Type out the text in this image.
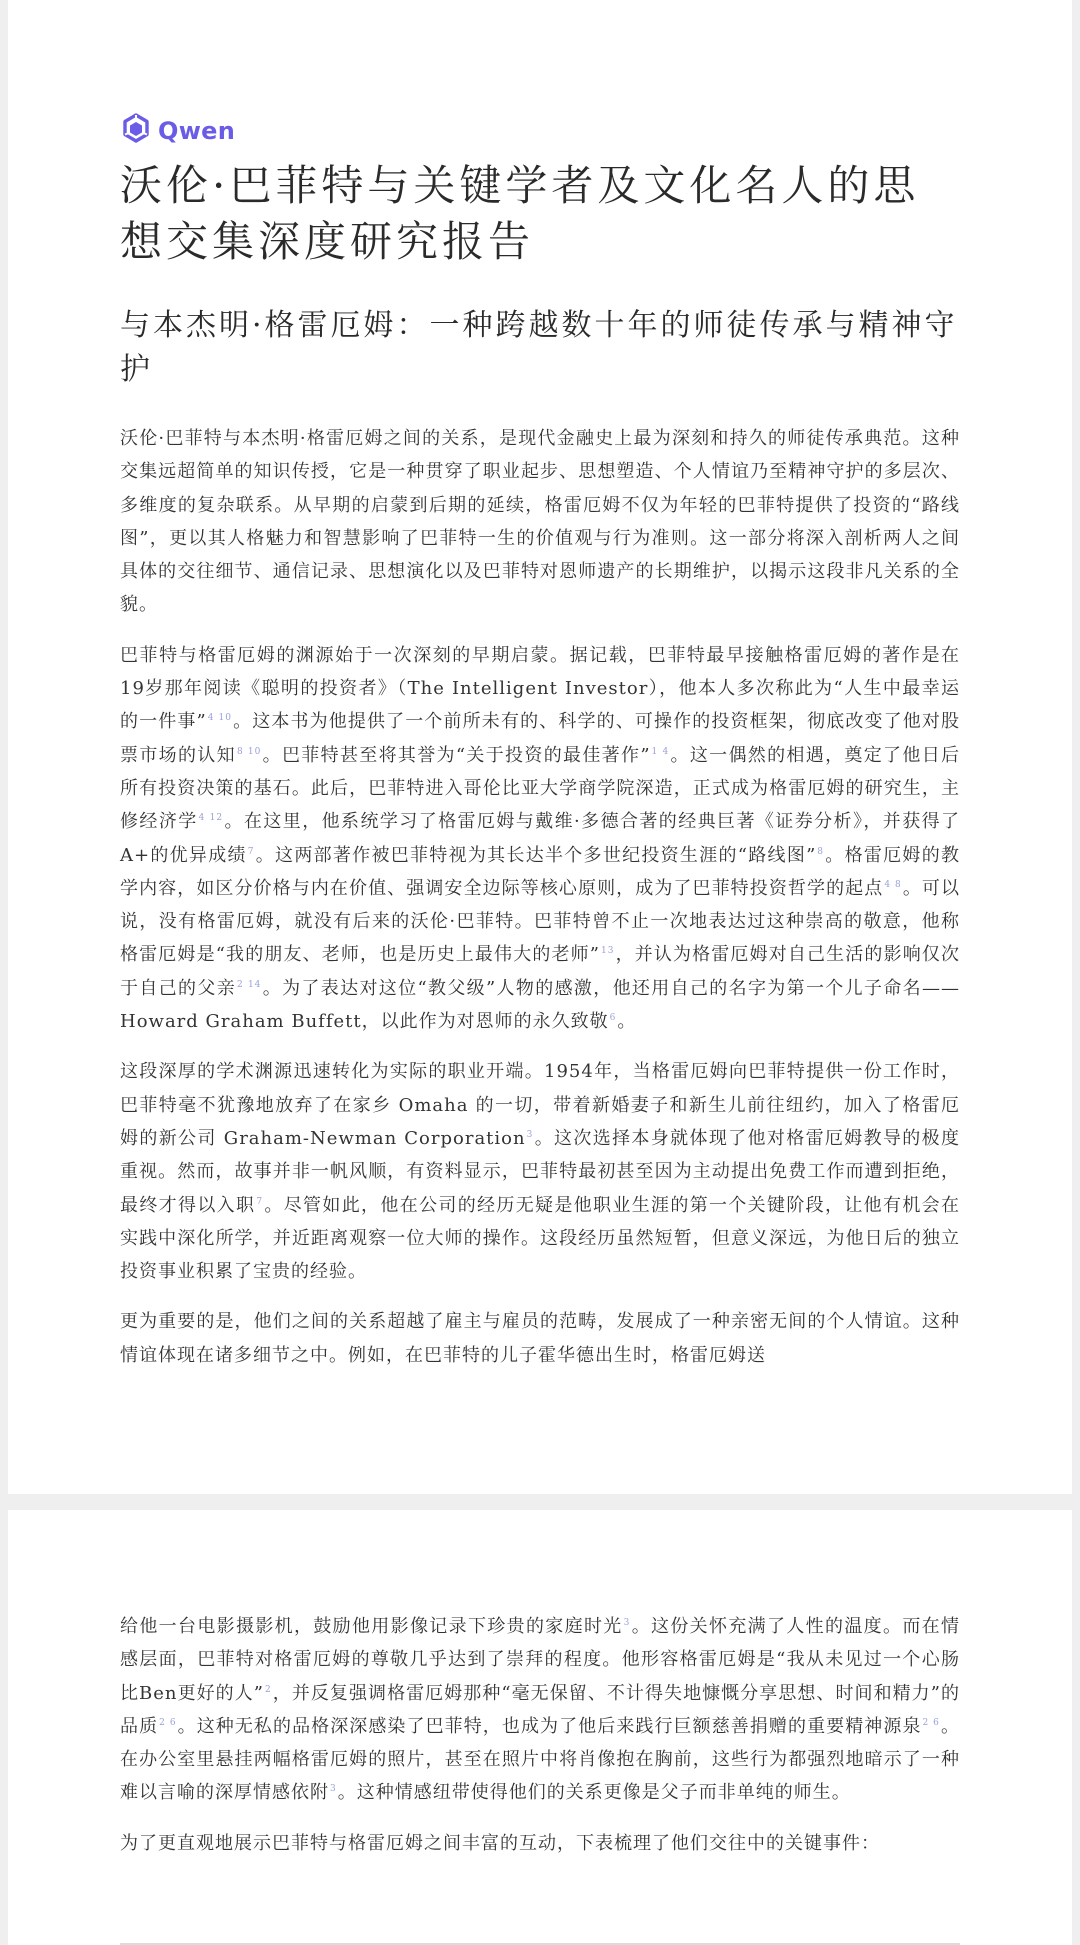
Qwen
沃伦·巴菲特与关键学者及文化名人的思想交集深度研究报告
与本杰明·格雷厄姆：一种跨越数十年的师徒传承与精神守护

沃伦·巴菲特与本杰明·格雷厄姆之间的关系，是现代金融史上最为深刻和持久的师徒传承典范。这种交集远超简单的知识传授，它是一种贯穿了职业起步、思想塑造、个人情谊乃至精神守护的多层次、多维度的复杂联系。从早期的启蒙到后期的延续，格雷厄姆不仅为年轻的巴菲特提供了投资的“路线图”，更以其人格魅力和智慧影响了巴菲特一生的价值观与行为准则。这一部分将深入剖析两人之间具体的交往细节、通信记录、思想演化以及巴菲特对恩师遗产的长期维护，以揭示这段非凡关系的全貌。

巴菲特与格雷厄姆的渊源始于一次深刻的早期启蒙。据记载，巴菲特最早接触格雷厄姆的著作是在19岁那年阅读《聪明的投资者》（The Intelligent Investor），他本人多次称此为“人生中最幸运的一件事”$^{4 10}$。这本书为他提供了一个前所未有的、科学的、可操作的投资框架，彻底改变了他对股票市场的认知$^{8 10}$。巴菲特甚至将其誉为“关于投资的最佳著作”$^{1 4}$。这一偶然的相遇，奠定了他日后所有投资决策的基石。此后，巴菲特进入哥伦比亚大学商学院深造，正式成为格雷厄姆的研究生，主修经济学$^{4 12}$。在这里，他系统学习了格雷厄姆与戴维·多德合著的经典巨著《证券分析》，并获得了A+的优异成绩$^7$。这两部著作被巴菲特视为其长达半个多世纪投资生涯的“路线图”$^8$。格雷厄姆的教学内容，如区分价格与内在价值、强调安全边际等核心原则，成为了巴菲特投资哲学的起点$^{4 8}$。可以说，没有格雷厄姆，就没有后来的沃伦·巴菲特。巴菲特曾不止一次地表达过这种崇高的敬意，他称格雷厄姆是“我的朋友、老师，也是历史上最伟大的老师”$^{13}$，并认为格雷厄姆对自己生活的影响仅次于自己的父亲$^{2 14}$。为了表达对这位“教父级”人物的感激，他还用自己的名字为第一个儿子命名——Howard Graham Buffett，以此作为对恩师的永久致敬$^6$。

这段深厚的学术渊源迅速转化为实际的职业开端。1954年，当格雷厄姆向巴菲特提供一份工作时，巴菲特毫不犹豫地放弃了在家乡 Omaha 的一切，带着新婚妻子和新生儿前往纽约，加入了格雷厄姆的新公司 Graham-Newman Corporation$^3$。这次选择本身就体现了他对格雷厄姆教导的极度重视。然而，故事并非一帆风顺，有资料显示，巴菲特最初甚至因为主动提出免费工作而遭到拒绝，最终才得以入职$^7$。尽管如此，他在公司的经历无疑是他职业生涯的第一个关键阶段，让他有机会在实践中深化所学，并近距离观察一位大师的操作。这段经历虽然短暂，但意义深远，为他日后的独立投资事业积累了宝贵的经验。

更为重要的是，他们之间的关系超越了雇主与雇员的范畴，发展成了一种亲密无间的个人情谊。这种情谊体现在诸多细节之中。例如，在巴菲特的儿子霍华德出生时，格雷厄姆送

给他一台电影摄影机，鼓励他用影像记录下珍贵的家庭时光$^3$。这份关怀充满了人性的温度。而在情感层面，巴菲特对格雷厄姆的尊敬几乎达到了崇拜的程度。他形容格雷厄姆是“我从未见过一个心肠比Ben更好的人”$^2$，并反复强调格雷厄姆那种“毫无保留、不计得失地慷慨分享思想、时间和精力”的品质$^{2 6}$。这种无私的品格深深感染了巴菲特，也成为了他后来践行巨额慈善捐赠的重要精神源泉$^{2 6}$。在办公室里悬挂两幅格雷厄姆的照片，甚至在照片中将肖像抱在胸前，这些行为都强烈地暗示了一种难以言喻的深厚情感依附$^3$。这种情感纽带使得他们的关系更像是父子而非单纯的师生。

为了更直观地展示巴菲特与格雷厄姆之间丰富的互动，下表梳理了他们交往中的关键事件：
